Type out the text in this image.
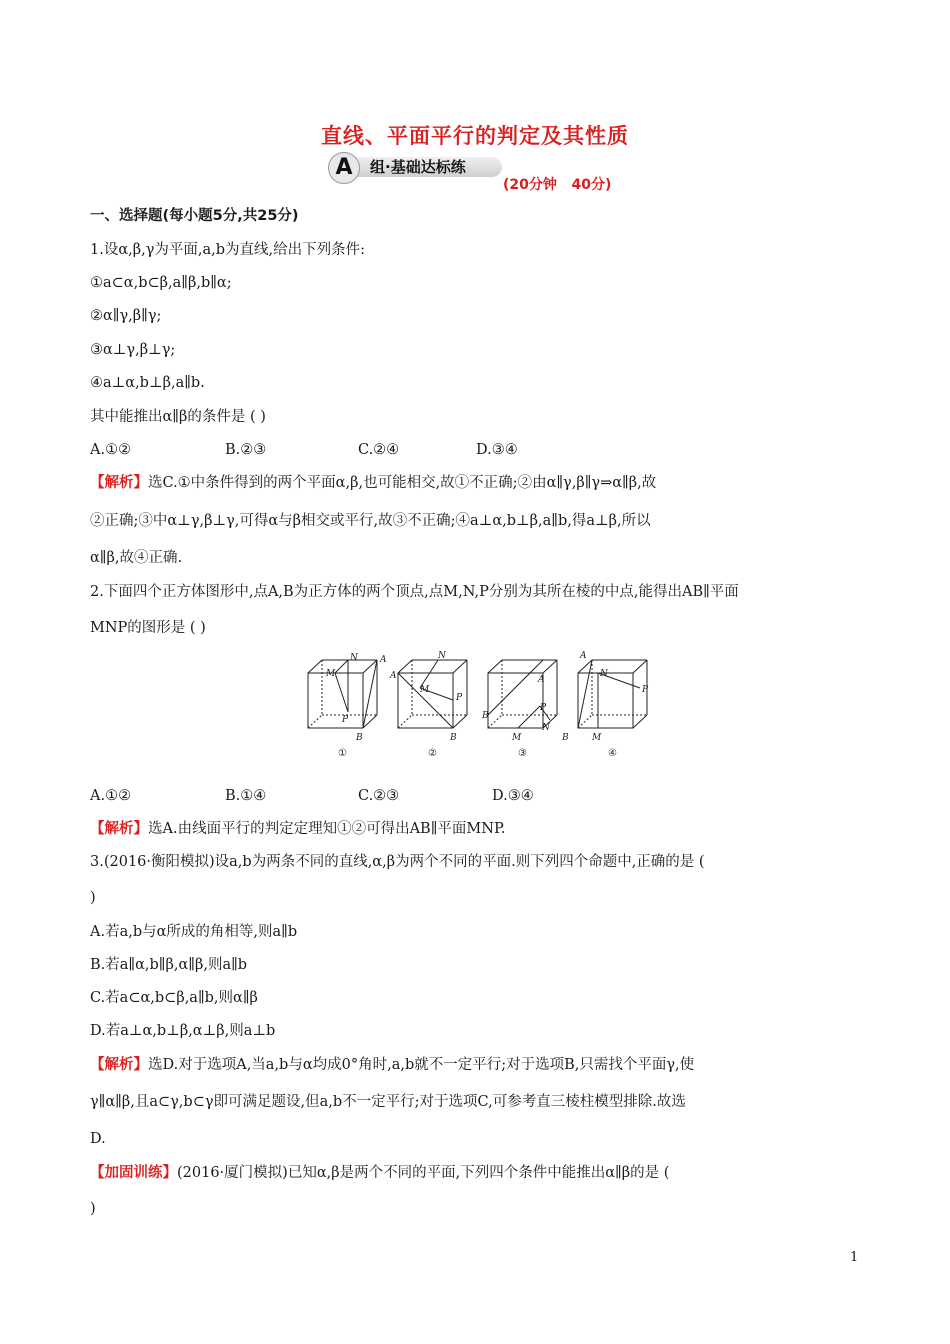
直线、平面平行的判定及其性质
A	组·基础达标练
(20分钟   40分)
一、选择题(每小题5分,共25分)
1.设α,β,γ为平面,a,b为直线,给出下列条件:
①a⊂α,b⊂β,a∥β,b∥α;
②α∥γ,β∥γ;
③α⊥γ,β⊥γ;
④a⊥α,b⊥β,a∥b.
其中能推出α∥β的条件是 ( )
A.①②	B.②③	C.②④	D.③④
【解析】选C.①中条件得到的两个平面α,β,也可能相交,故①不正确;②由α∥γ,β∥γ⇒α∥β,故
②正确;③中α⊥γ,β⊥γ,可得α与β相交或平行,故③不正确;④a⊥α,b⊥β,a∥b,得a⊥β,所以
α∥β,故④正确.
2.下面四个正方体图形中,点A,B为正方体的两个顶点,点M,N,P分别为其所在棱的中点,能得出AB∥平面
MNP的图形是 ( )
N A
M
P
B
①
N
A
M
P
B
②
A
B
P
N
M
③
A
N
P
B	M
④
A.①②	B.①④	C.②③	D.③④
【解析】选A.由线面平行的判定定理知①②可得出AB∥平面MNP.
3.(2016·衡阳模拟)设a,b为两条不同的直线,α,β为两个不同的平面.则下列四个命题中,正确的是 (
)
A.若a,b与α所成的角相等,则a∥b
B.若a∥α,b∥β,α∥β,则a∥b
C.若a⊂α,b⊂β,a∥b,则α∥β
D.若a⊥α,b⊥β,α⊥β,则a⊥b
【解析】选D.对于选项A,当a,b与α均成0°角时,a,b就不一定平行;对于选项B,只需找个平面γ,使
γ∥α∥β,且a⊂γ,b⊂γ即可满足题设,但a,b不一定平行;对于选项C,可参考直三棱柱模型排除.故选
D.
【加固训练】(2016·厦门模拟)已知α,β是两个不同的平面,下列四个条件中能推出α∥β的是 (
)
1
